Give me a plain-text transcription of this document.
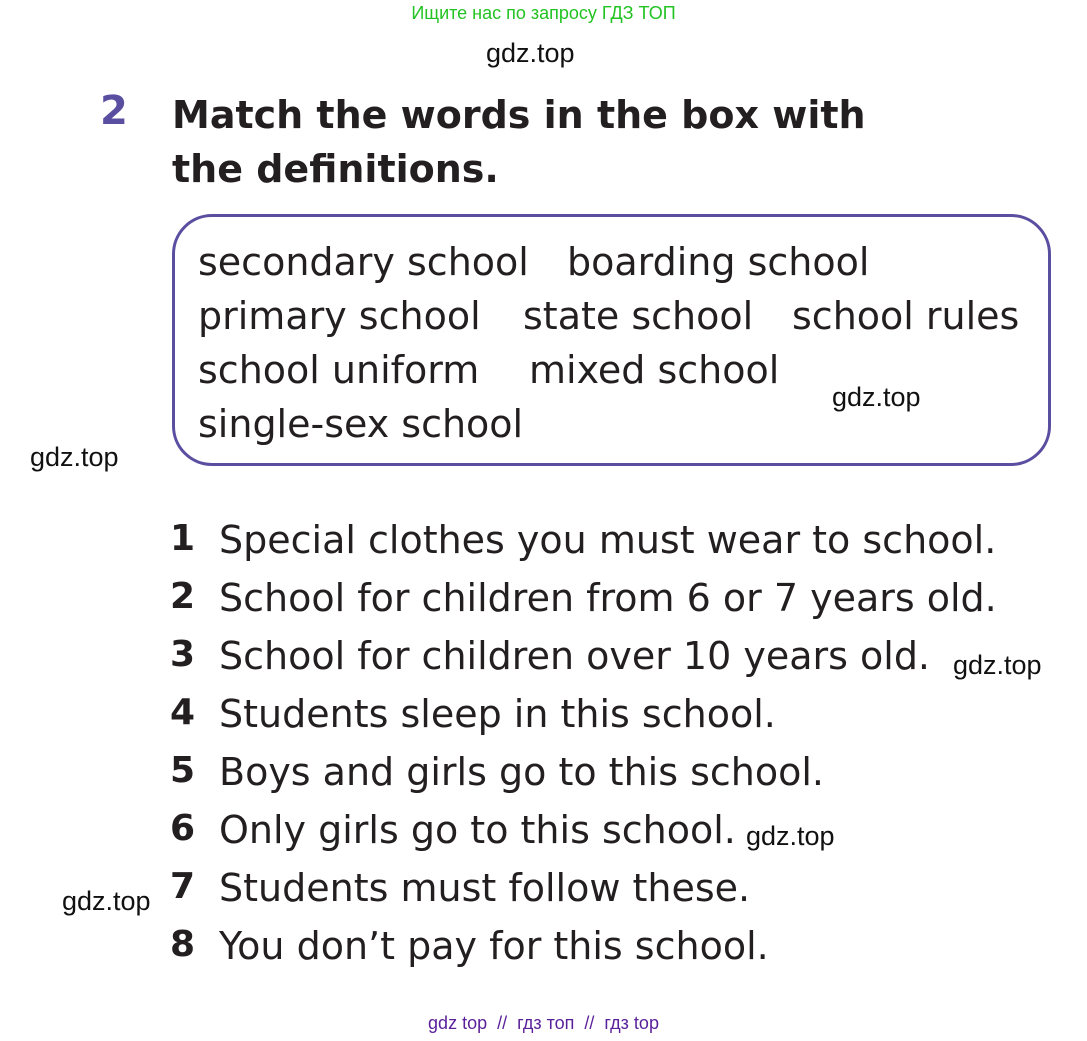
Ищите нас по запросу ГДЗ ТОП
gdz.top
2 Match the words in the box with the definitions.
secondary school boarding school
primary school state school school rules
school uniform mixed school
single-sex school
gdz.top
gdz.top
1 Special clothes you must wear to school.
2 School for children from 6 or 7 years old.
3 School for children over 10 years old.
4 Students sleep in this school.
5 Boys and girls go to this school.
6 Only girls go to this school.
7 Students must follow these.
8 You don’t pay for this school.
gdz.top
gdz.top
gdz.top
gdz top  //  гдз топ  //  гдз top
